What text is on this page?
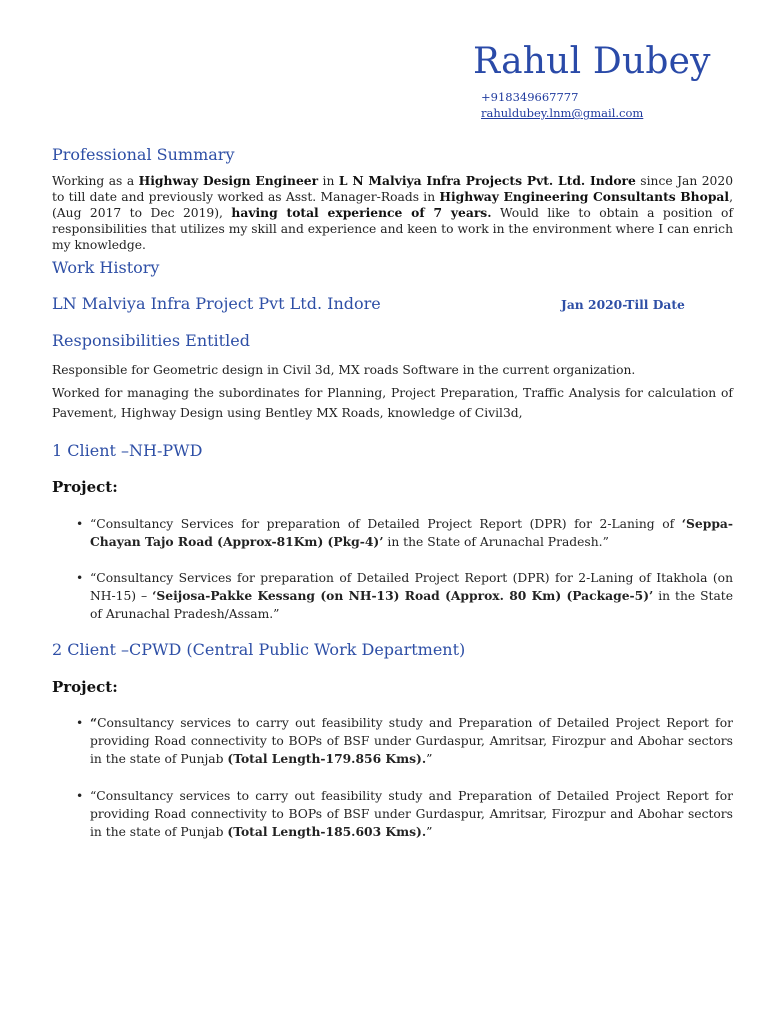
Rahul Dubey
+918349667777
rahuldubey.lnm@gmail.com
Professional Summary
Working as a Highway Design Engineer in L N Malviya Infra Projects Pvt. Ltd. Indore since Jan 2020 to till date and previously worked as Asst. Manager-Roads in Highway Engineering Consultants Bhopal, (Aug 2017 to Dec 2019), having total experience of 7 years. Would like to obtain a position of responsibilities that utilizes my skill and experience and keen to work in the environment where I can enrich my knowledge.
Work History
LN Malviya Infra Project Pvt Ltd. Indore	Jan 2020-Till Date
Responsibilities Entitled
Responsible for Geometric design in Civil 3d, MX roads Software in the current organization.
Worked for managing the subordinates for Planning, Project Preparation, Traffic Analysis for calculation of Pavement, Highway Design using Bentley MX Roads, knowledge of Civil3d,
1 Client –NH-PWD
Project:
• “Consultancy Services for preparation of Detailed Project Report (DPR) for 2-Laning of ‘Seppa-Chayan Tajo Road (Approx-81Km) (Pkg-4)’ in the State of Arunachal Pradesh.”
• “Consultancy Services for preparation of Detailed Project Report (DPR) for 2-Laning of Itakhola (on NH-15) – ‘Seijosa-Pakke Kessang (on NH-13) Road (Approx. 80 Km) (Package-5)’ in the State of Arunachal Pradesh/Assam.”
2 Client –CPWD (Central Public Work Department)
Project:
• “Consultancy services to carry out feasibility study and Preparation of Detailed Project Report for providing Road connectivity to BOPs of BSF under Gurdaspur, Amritsar, Firozpur and Abohar sectors in the state of Punjab (Total Length-179.856 Kms).”
• “Consultancy services to carry out feasibility study and Preparation of Detailed Project Report for providing Road connectivity to BOPs of BSF under Gurdaspur, Amritsar, Firozpur and Abohar sectors in the state of Punjab (Total Length-185.603 Kms).”
